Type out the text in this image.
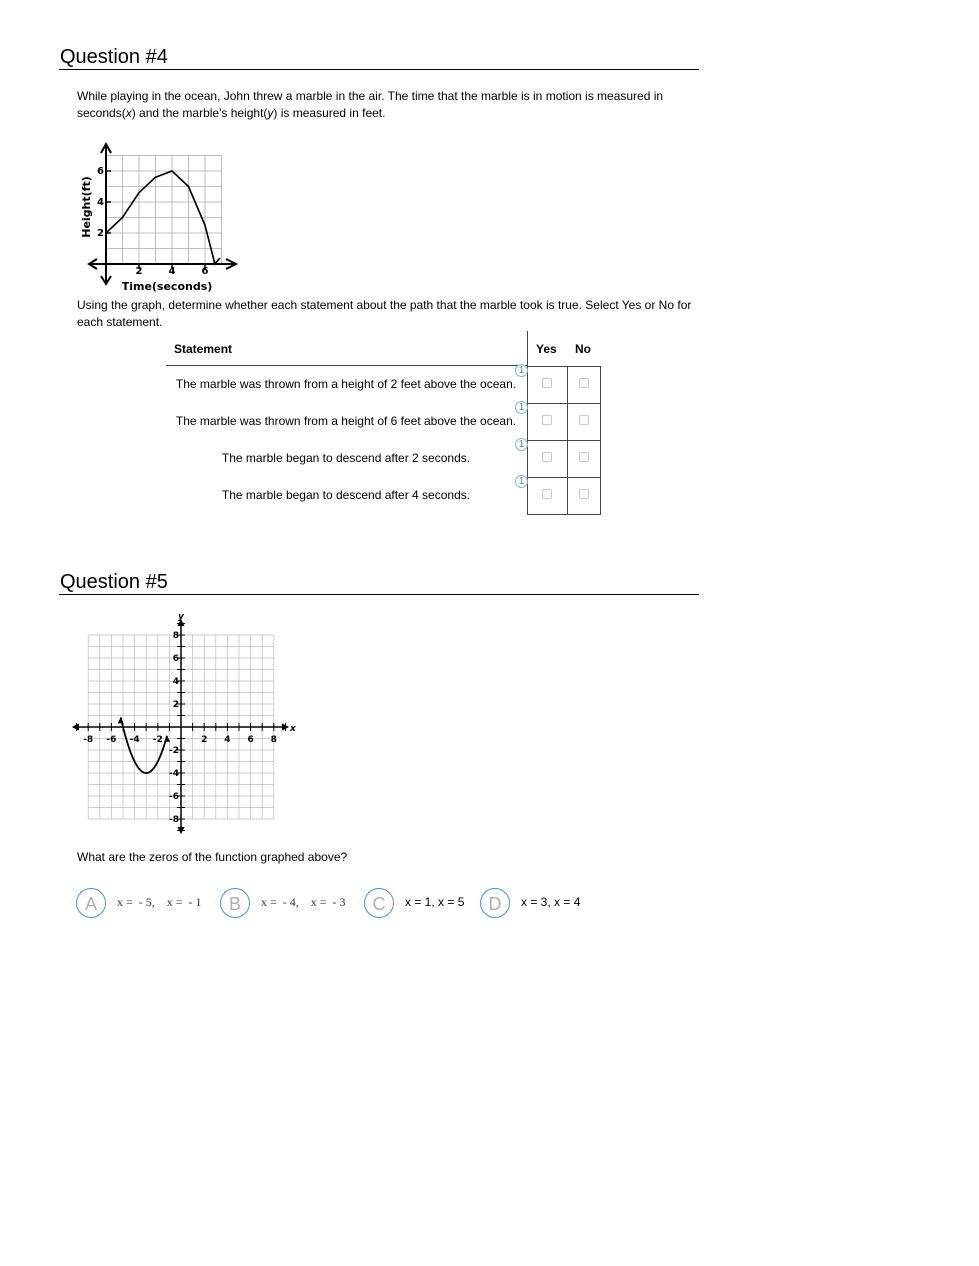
Question #4

While playing in the ocean, John threw a marble in the air. The time that the marble is in motion is measured in seconds(x) and the marble's height(y) is measured in feet.

2	4	6
2
4
6
Time(seconds)
Height(ft)

Using the graph, determine whether each statement about the path that the marble took is true. Select Yes or No for each statement.

Statement	Yes No
The marble was thrown from a height of 2 feet above the ocean.
1
The marble was thrown from a height of 6 feet above the ocean.
1
The marble began to descend after 2 seconds.
1
The marble began to descend after 4 seconds.
1
Question #5
-8 -6 -4 -2	2 4 6 8
8
6
4
2
-2
-4
-6
-8
x
y

What are the zeros of the function graphed above?

A	x =  - 5,    x =  - 1	B	x =  - 4,    x =  - 3	C	x = 1, x = 5	D	x = 3, x = 4
